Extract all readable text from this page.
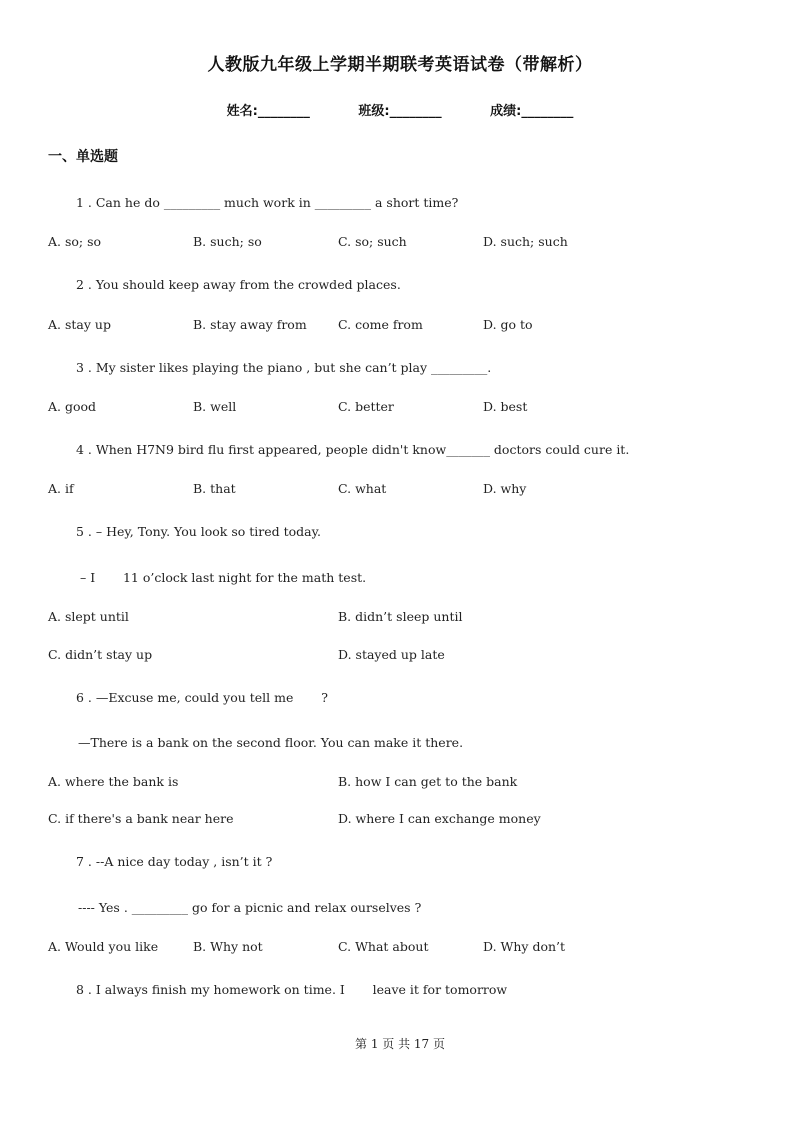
人教版九年级上学期半期联考英语试卷（带解析）
姓名:________	班级:________	成绩:________
一、单选题
1 . Can he do _________ much work in _________ a short time?
A. so; so	B. such; so	C. so; such	D. such; such
2 . You should keep away from the crowded places.
A. stay up	B. stay away from	C. come from	D. go to
3 . My sister likes playing the piano , but she can’t play _________.
A. good	B. well	C. better	D. best
4 . When H7N9 bird flu first appeared, people didn't know_______ doctors could cure it.
A. if	B. that	C. what	D. why
5 . – Hey, Tony. You look so tired today.
– I       11 o’clock last night for the math test.
A. slept until	B. didn’t sleep until
C. didn’t stay up	D. stayed up late
6 . —Excuse me, could you tell me       ?
—There is a bank on the second floor. You can make it there.
A. where the bank is	B. how I can get to the bank
C. if there's a bank near here	D. where I can exchange money
7 . --A nice day today , isn’t it ?
---- Yes . _________ go for a picnic and relax ourselves ?
A. Would you like	B. Why not	C. What about	D. Why don’t
8 . I always finish my homework on time. I       leave it for tomorrow
第 1 页 共 17 页
